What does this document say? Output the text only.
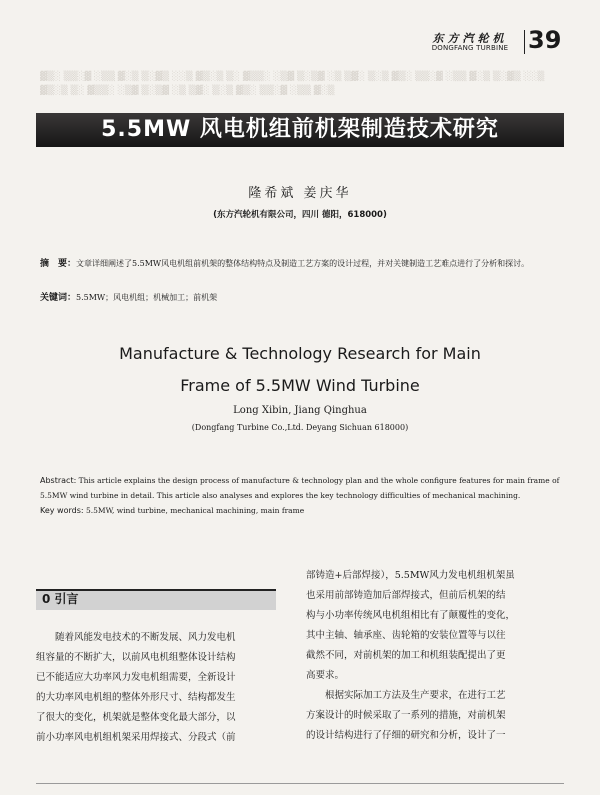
▓▒░ ▒▒░▓ ░▒▒ ▓░▒ ▒░▓▒ ░░▒ ▓▒░▒ ▒░ ▓▒▒░ ░▒▓ ▒░▒▓ ░▒ ▒▓░ ▒░▒ ▓▒░ ▒▒░▓ ░▒▒ ▓░▒ ▒░▓▒ ░░▒ ▓▒░▒ ▒░ ▓▒▒░ ░▒▓ ▒░▒▓ ░▒ ▒▓░ ▒░▒ ▓▒░ ▒▒░▓ ░▒▒ ▓░▒
东方汽轮机
DONGFANG TURBINE 39
5.5MW 风电机组前机架制造技术研究
隆希斌 姜庆华
(东方汽轮机有限公司，四川 德阳，618000)
摘　要：文章详细阐述了5.5MW风电机组前机架的整体结构特点及制造工艺方案的设计过程，并对关键制造工艺难点进行了分析和探讨。
关键词：5.5MW；风电机组；机械加工；前机架
Manufacture & Technology Research for Main
Frame of 5.5MW Wind Turbine
Long Xibin, Jiang Qinghua
(Dongfang Turbine Co.,Ltd. Deyang Sichuan 618000)
Abstract: This article explains the design process of manufacture & technology plan and the whole configure features for main frame of 5.5MW wind turbine in detail. This article also analyses and explores the key technology difficulties of mechanical machining.
Key words: 5.5MW, wind turbine, mechanical machining, main frame
0 引言

随着风能发电技术的不断发展、风力发电机

组容量的不断扩大，以前风电机组整体设计结构

已不能适应大功率风力发电机组需要，全新设计

的大功率风电机组的整体外形尺寸、结构都发生

了很大的变化，机架就是整体变化最大部分，以

前小功率风电机组机架采用焊接式、分段式（前

部铸造+后部焊接），5.5MW风力发电机组机架虽

也采用前部铸造加后部焊接式，但前后机架的结

构与小功率传统风电机组相比有了颠覆性的变化，

其中主轴、轴承座、齿轮箱的安装位置等与以往

截然不同，对前机架的加工和机组装配提出了更

高要求。

根据实际加工方法及生产要求，在进行工艺

方案设计的时候采取了一系列的措施，对前机架

的设计结构进行了仔细的研究和分析，设计了一
